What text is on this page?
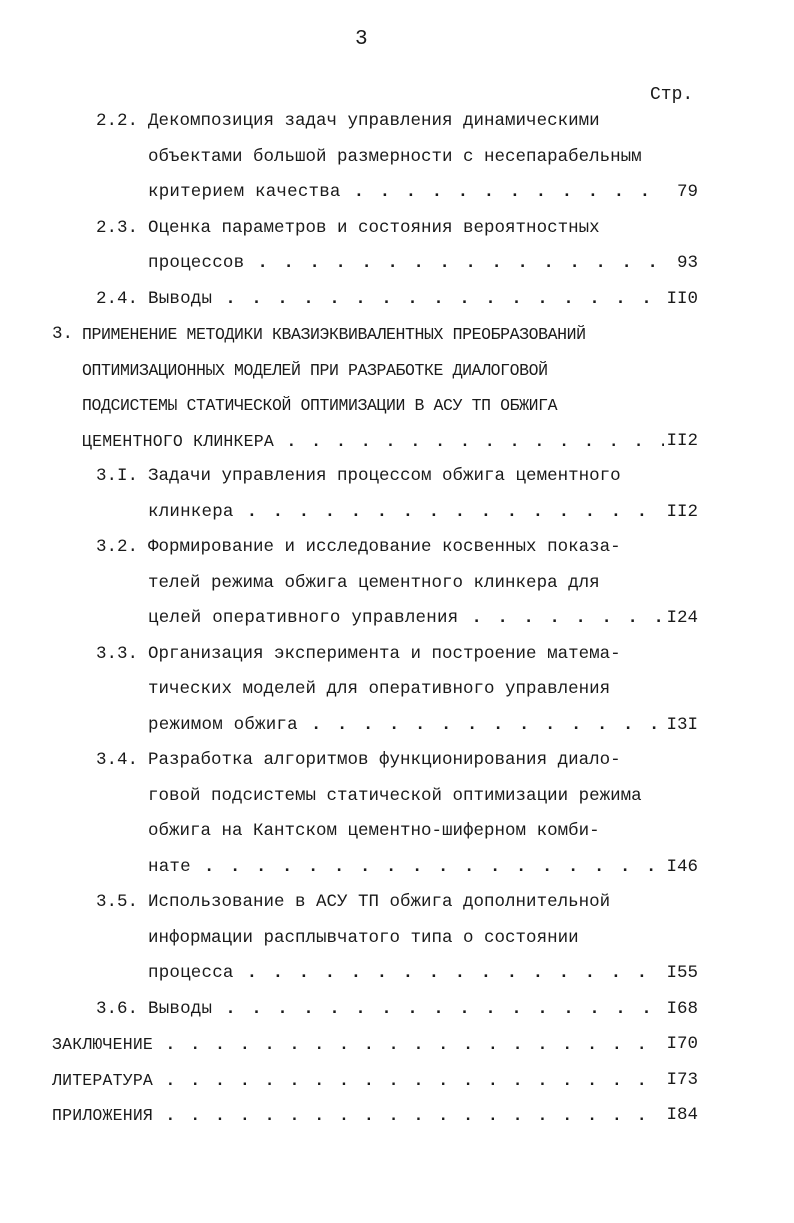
3
Стр.
2.2. Декомпозиция задач управления динамическими
объектами большой размерности с несепарабельным
критерием качества . . .	79
2.3. Оценка параметров и состояния вероятностных
процессов . . .	93
2.4. Выводы . . .	II0
3. ПРИМЕНЕНИЕ МЕТОДИКИ КВАЗИЭКВИВАЛЕНТНЫХ ПРЕОБРАЗОВАНИЙ
ОПТИМИЗАЦИОННЫХ МОДЕЛЕЙ ПРИ РАЗРАБОТКЕ ДИАЛОГОВОЙ
ПОДСИСТЕМЫ СТАТИЧЕСКОЙ ОПТИМИЗАЦИИ В АСУ ТП ОБЖИГА
ЦЕМЕНТНОГО КЛИНКЕРА . . .	II2
3.I. Задачи управления процессом обжига цементного
клинкера . . .	II2
3.2. Формирование и исследование косвенных показа-
телей режима обжига цементного клинкера для
целей оперативного управления . . .	I24
3.3. Организация эксперимента и построение матема-
тических моделей для оперативного управления
режимом обжига . . .	I3I
3.4. Разработка алгоритмов функционирования диало-
говой подсистемы статической оптимизации режима
обжига на Кантском цементно-шиферном комби-
нате . . .	I46
3.5. Использование в АСУ ТП обжига дополнительной
информации расплывчатого типа о состоянии
процесса . . .	I55
3.6. Выводы . . .	I68
ЗАКЛЮЧЕНИЕ . . .	I70
ЛИТЕРАТУРА . . .	I73
ПРИЛОЖЕНИЯ . . .	I84
